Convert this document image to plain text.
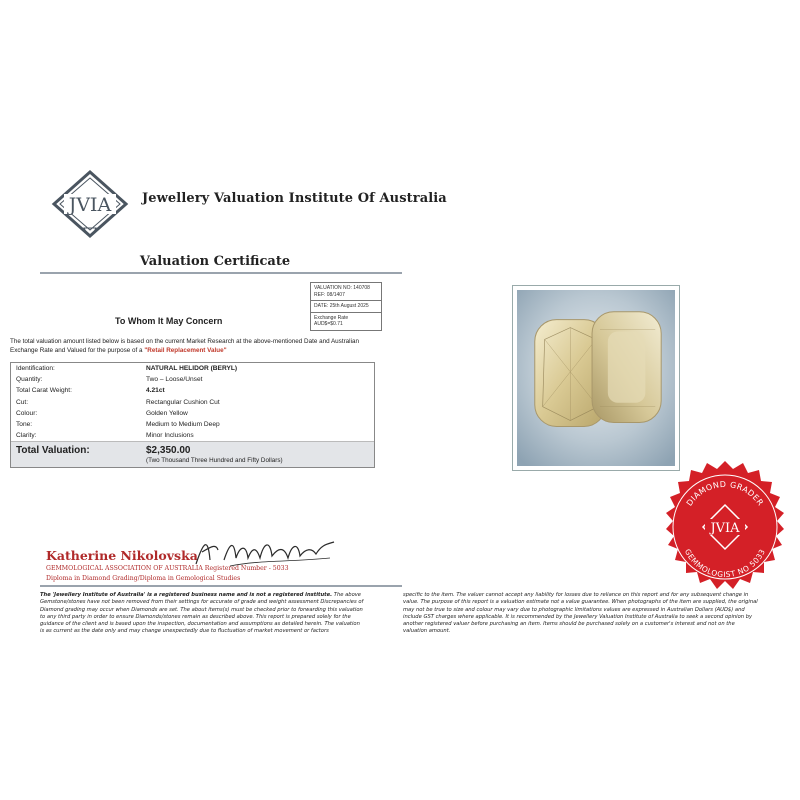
JVIA Jewellery Valuation Institute Of Australia
Valuation Certificate
VALUATION NO: 140708
REF: 08/1407
DATE: 25th August 2025
Exchange Rate
AUD$=$0.71
To Whom It May Concern
The total valuation amount listed below is based on the current Market Research at the above-mentioned Date and Australian Exchange Rate and Valued for the purpose of a "Retail Replacement Value"
Identification:	NATURAL HELIDOR (BERYL)
Quantity:	Two – Loose/Unset
Total Carat Weight:	4.21ct
Cut:	Rectangular Cushion Cut
Colour:	Golden Yellow
Tone:	Medium to Medium Deep
Clarity:	Minor Inclusions
Total Valuation:	$2,350.00
(Two Thousand Three Hundred and Fifty Dollars)
DIAMOND GRADER
GEMMOLOGIST NO 5033
JVIA
Katherine Nikolovska
GEMMOLOGICAL ASSOCIATION OF AUSTRALIA Registered Number - 5033
Diploma in Diamond Grading/Diploma in Gemological Studies
The 'Jewellery Institute of Australia' is a registered business name and is not a registered institute. The above Gemstone/stones have not been removed from their settings for accurate of grade and weight assessment Discrepancies of Diamond grading may occur when Diamonds are set. The about items(s) must be checked prior to forwarding this valuation to any third party in order to ensure Diamonds/stones remain as described above. This report is prepared solely for the guidance of the client and is based upon the inspection, documentation and assumptions as detailed herein. The valuation is as current as the date only and may change unexpectedly due to fluctuation of market movement or factors
specific to the item. The valuer cannot accept any liability for losses due to reliance on this report and for any subsequent change in value. The purpose of this report is a valuation estimate not a value guarantee. When photographs of the item are supplied, the original may not be true to size and colour may vary due to photographic limitations values are expressed in Australian Dollars (AUD$) and include GST charges where applicable. It is recommended by the Jewellery Valuation Institute of Australia to seek a second opinion by another registered valuer before purchasing an item. Items should be purchased solely on a customer's interest and not on the valuation amount.
